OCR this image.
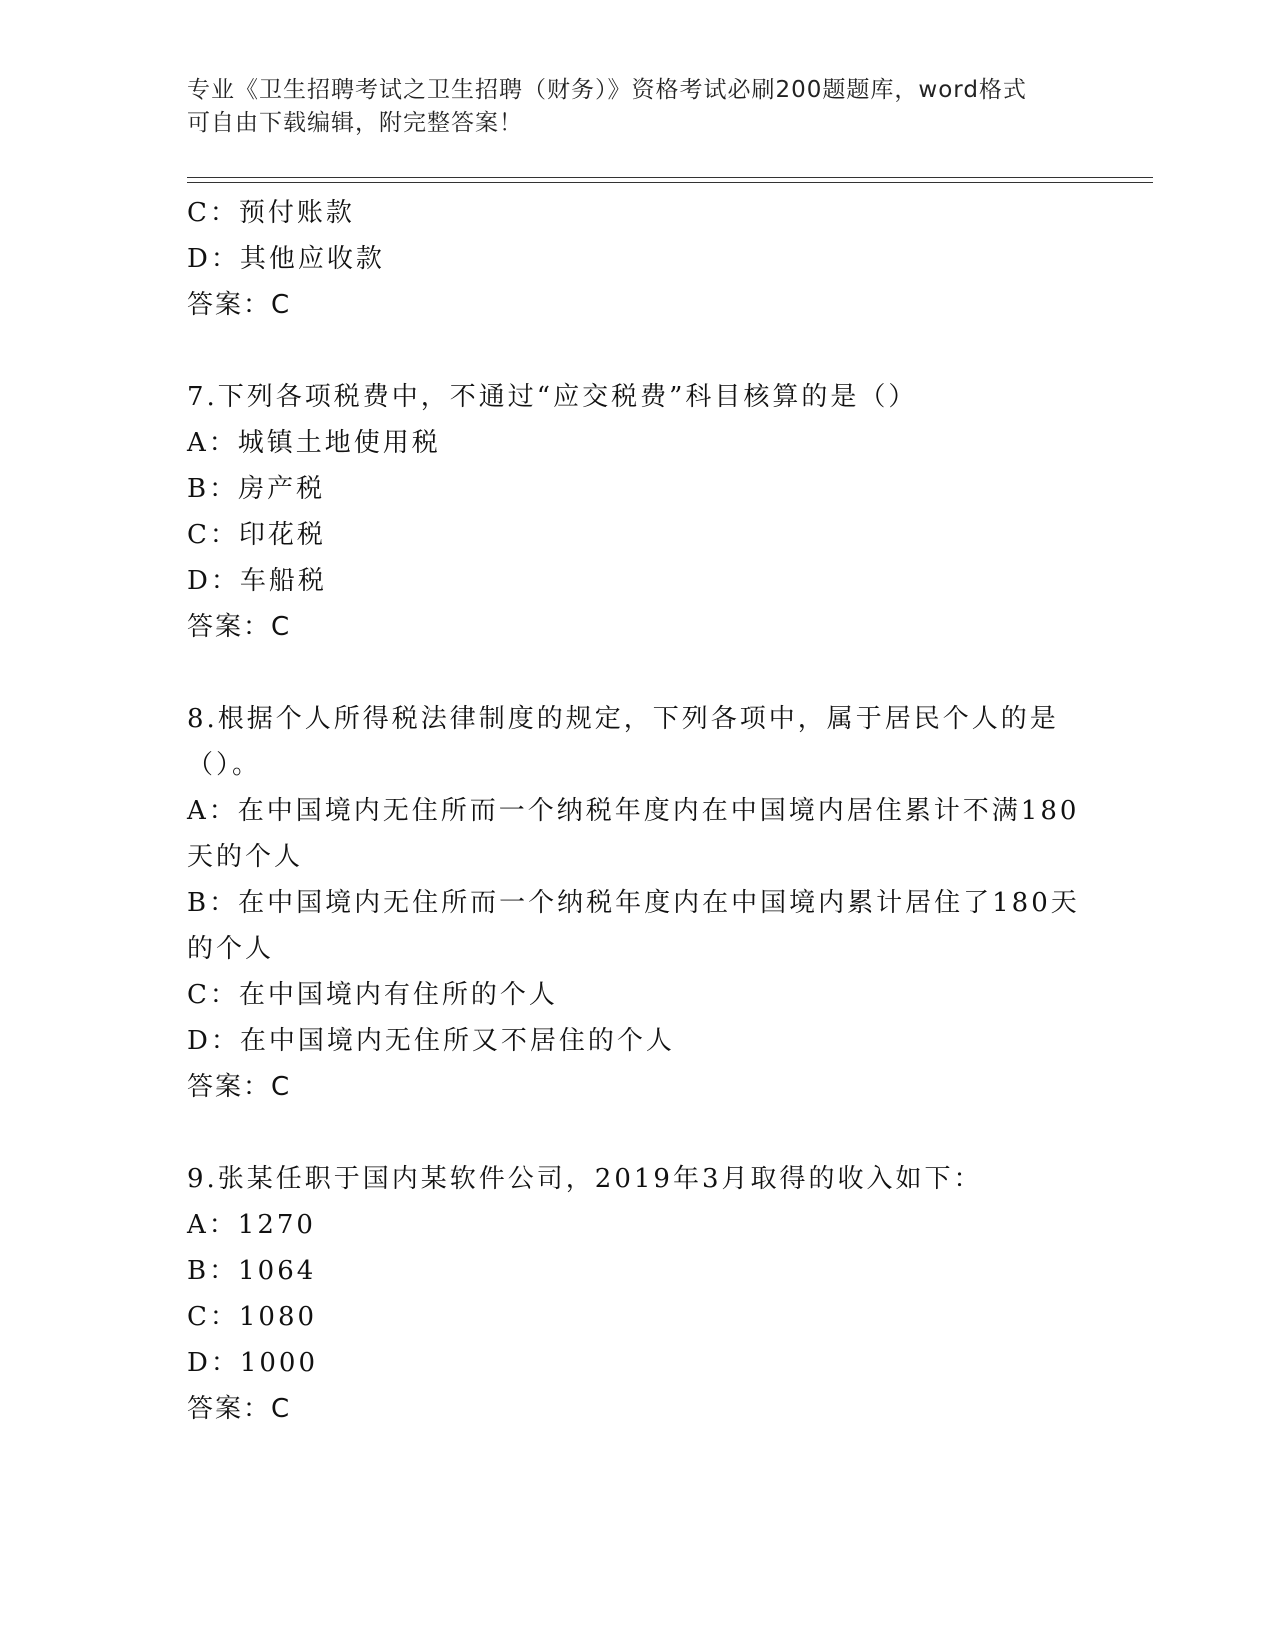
专业《卫生招聘考试之卫生招聘（财务）》资格考试必刷200题题库，word格式
可自由下载编辑，附完整答案！
C：预付账款
D：其他应收款
答案：C
7.下列各项税费中，不通过“应交税费”科目核算的是（）
A：城镇土地使用税
B：房产税
C：印花税
D：车船税
答案：C
8.根据个人所得税法律制度的规定，下列各项中，属于居民个人的是
（）。
A：在中国境内无住所而一个纳税年度内在中国境内居住累计不满180
天的个人
B：在中国境内无住所而一个纳税年度内在中国境内累计居住了180天
的个人
C：在中国境内有住所的个人
D：在中国境内无住所又不居住的个人
答案：C
9.张某任职于国内某软件公司，2019年3月取得的收入如下：
A：1270
B：1064
C：1080
D：1000
答案：C
